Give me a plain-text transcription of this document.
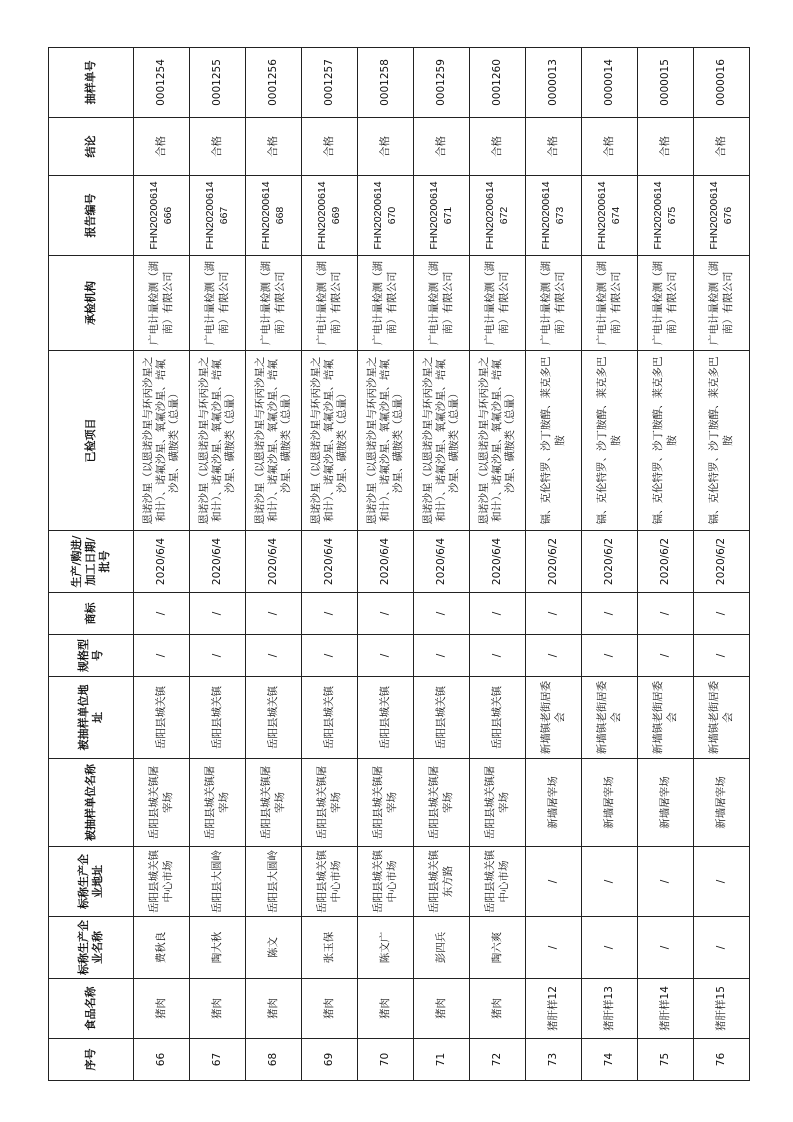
序号	食品名称	标称生产企业名称	标称生产企业地址	被抽样单位名称	被抽样单位地址	规格型号	商标	生产/购进/加工日期/批号	已检项目	承检机构	报告编号	结论	抽样单号
66	猪肉	费秋良	岳阳县城关镇中心市场	岳阳县城关镇屠宰场	岳阳县城关镇	/	/	2020/6/4	恩诺沙星（以恩诺沙星与环丙沙星之和计）、诺氟沙星、氧氟沙星、培氟沙星、磺胺类（总量）	广电计量检测（湖南）有限公司	FHN20200614666	合格	0001254
67	猪肉	陶大秋	岳阳县大圆岭	岳阳县城关镇屠宰场	岳阳县城关镇	/	/	2020/6/4	恩诺沙星（以恩诺沙星与环丙沙星之和计）、诺氟沙星、氧氟沙星、培氟沙星、磺胺类（总量）	广电计量检测（湖南）有限公司	FHN20200614667	合格	0001255
68	猪肉	陈文	岳阳县大圆岭	岳阳县城关镇屠宰场	岳阳县城关镇	/	/	2020/6/4	恩诺沙星（以恩诺沙星与环丙沙星之和计）、诺氟沙星、氧氟沙星、培氟沙星、磺胺类（总量）	广电计量检测（湖南）有限公司	FHN20200614668	合格	0001256
69	猪肉	张玉保	岳阳县城关镇中心市场	岳阳县城关镇屠宰场	岳阳县城关镇	/	/	2020/6/4	恩诺沙星（以恩诺沙星与环丙沙星之和计）、诺氟沙星、氧氟沙星、培氟沙星、磺胺类（总量）	广电计量检测（湖南）有限公司	FHN20200614669	合格	0001257
70	猪肉	陈文广	岳阳县城关镇中心市场	岳阳县城关镇屠宰场	岳阳县城关镇	/	/	2020/6/4	恩诺沙星（以恩诺沙星与环丙沙星之和计）、诺氟沙星、氧氟沙星、培氟沙星、磺胺类（总量）	广电计量检测（湖南）有限公司	FHN20200614670	合格	0001258
71	猪肉	彭四兵	岳阳县城关镇东方路	岳阳县城关镇屠宰场	岳阳县城关镇	/	/	2020/6/4	恩诺沙星（以恩诺沙星与环丙沙星之和计）、诺氟沙星、氧氟沙星、培氟沙星、磺胺类（总量）	广电计量检测（湖南）有限公司	FHN20200614671	合格	0001259
72	猪肉	陶六爽	岳阳县城关镇中心市场	岳阳县城关镇屠宰场	岳阳县城关镇	/	/	2020/6/4	恩诺沙星（以恩诺沙星与环丙沙星之和计）、诺氟沙星、氧氟沙星、培氟沙星、磺胺类（总量）	广电计量检测（湖南）有限公司	FHN20200614672	合格	0001260
73	猪肝样12	/	/	新墙屠宰场	新墙镇老街居委会	/	/	2020/6/2	镉、克伦特罗、沙丁胺醇、莱克多巴胺	广电计量检测（湖南）有限公司	FHN20200614673	合格	0000013
74	猪肝样13	/	/	新墙屠宰场	新墙镇老街居委会	/	/	2020/6/2	镉、克伦特罗、沙丁胺醇、莱克多巴胺	广电计量检测（湖南）有限公司	FHN20200614674	合格	0000014
75	猪肝样14	/	/	新墙屠宰场	新墙镇老街居委会	/	/	2020/6/2	镉、克伦特罗、沙丁胺醇、莱克多巴胺	广电计量检测（湖南）有限公司	FHN20200614675	合格	0000015
76	猪肝样15	/	/	新墙屠宰场	新墙镇老街居委会	/	/	2020/6/2	镉、克伦特罗、沙丁胺醇、莱克多巴胺	广电计量检测（湖南）有限公司	FHN20200614676	合格	0000016
